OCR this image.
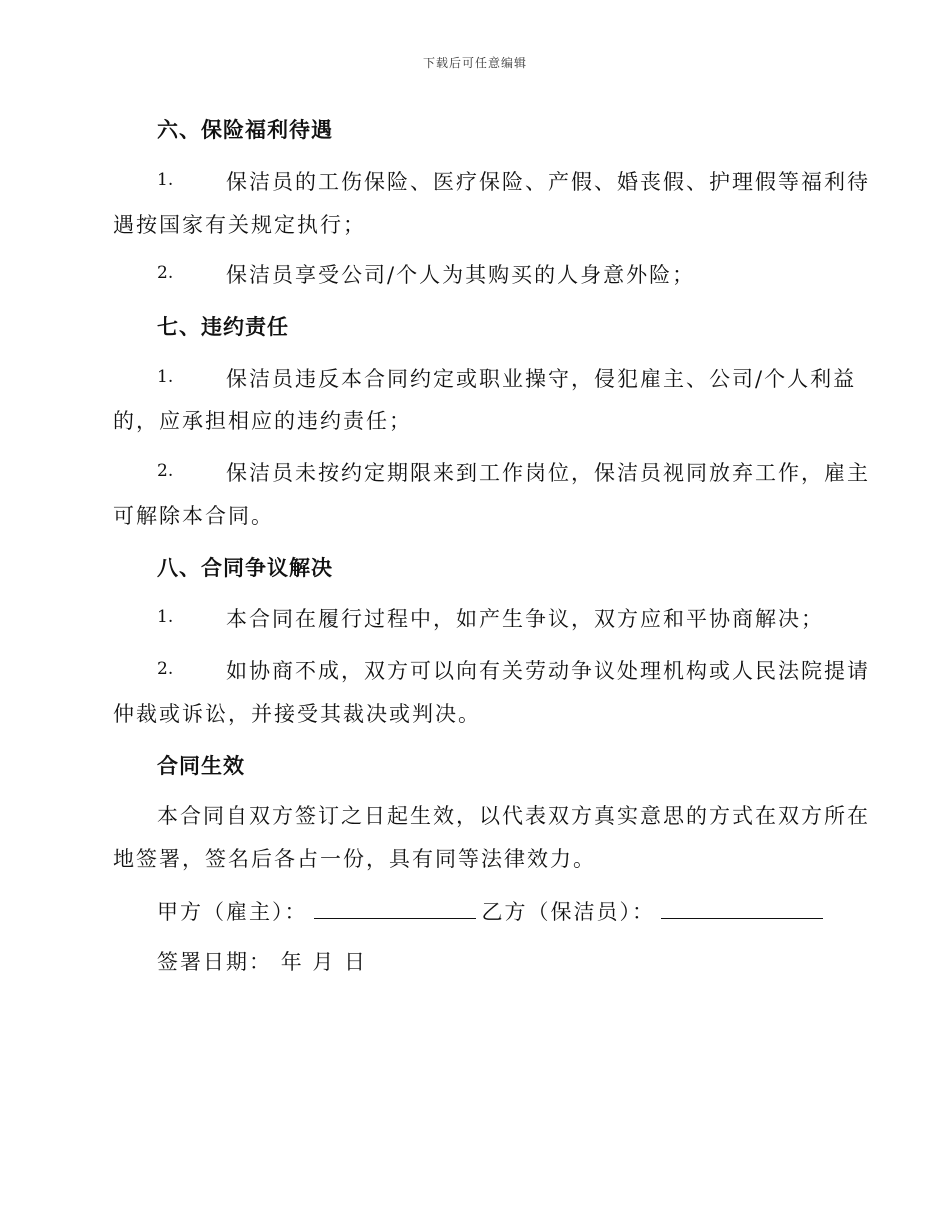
下载后可任意编辑
六、保险福利待遇
1.	保洁员的工伤保险、医疗保险、产假、婚丧假、护理假等福利待
遇按国家有关规定执行；
2.	保洁员享受公司/个人为其购买的人身意外险；
七、违约责任
1.	保洁员违反本合同约定或职业操守，侵犯雇主、公司/个人利益
的，应承担相应的违约责任；
2.	保洁员未按约定期限来到工作岗位，保洁员视同放弃工作，雇主
可解除本合同。
八、合同争议解决
1.	本合同在履行过程中，如产生争议，双方应和平协商解决；
2.	如协商不成，双方可以向有关劳动争议处理机构或人民法院提请
仲裁或诉讼，并接受其裁决或判决。
合同生效
本合同自双方签订之日起生效，以代表双方真实意思的方式在双方所在
地签署，签名后各占一份，具有同等法律效力。
甲方（雇主）：	乙方（保洁员）：
签署日期： 年 月 日
